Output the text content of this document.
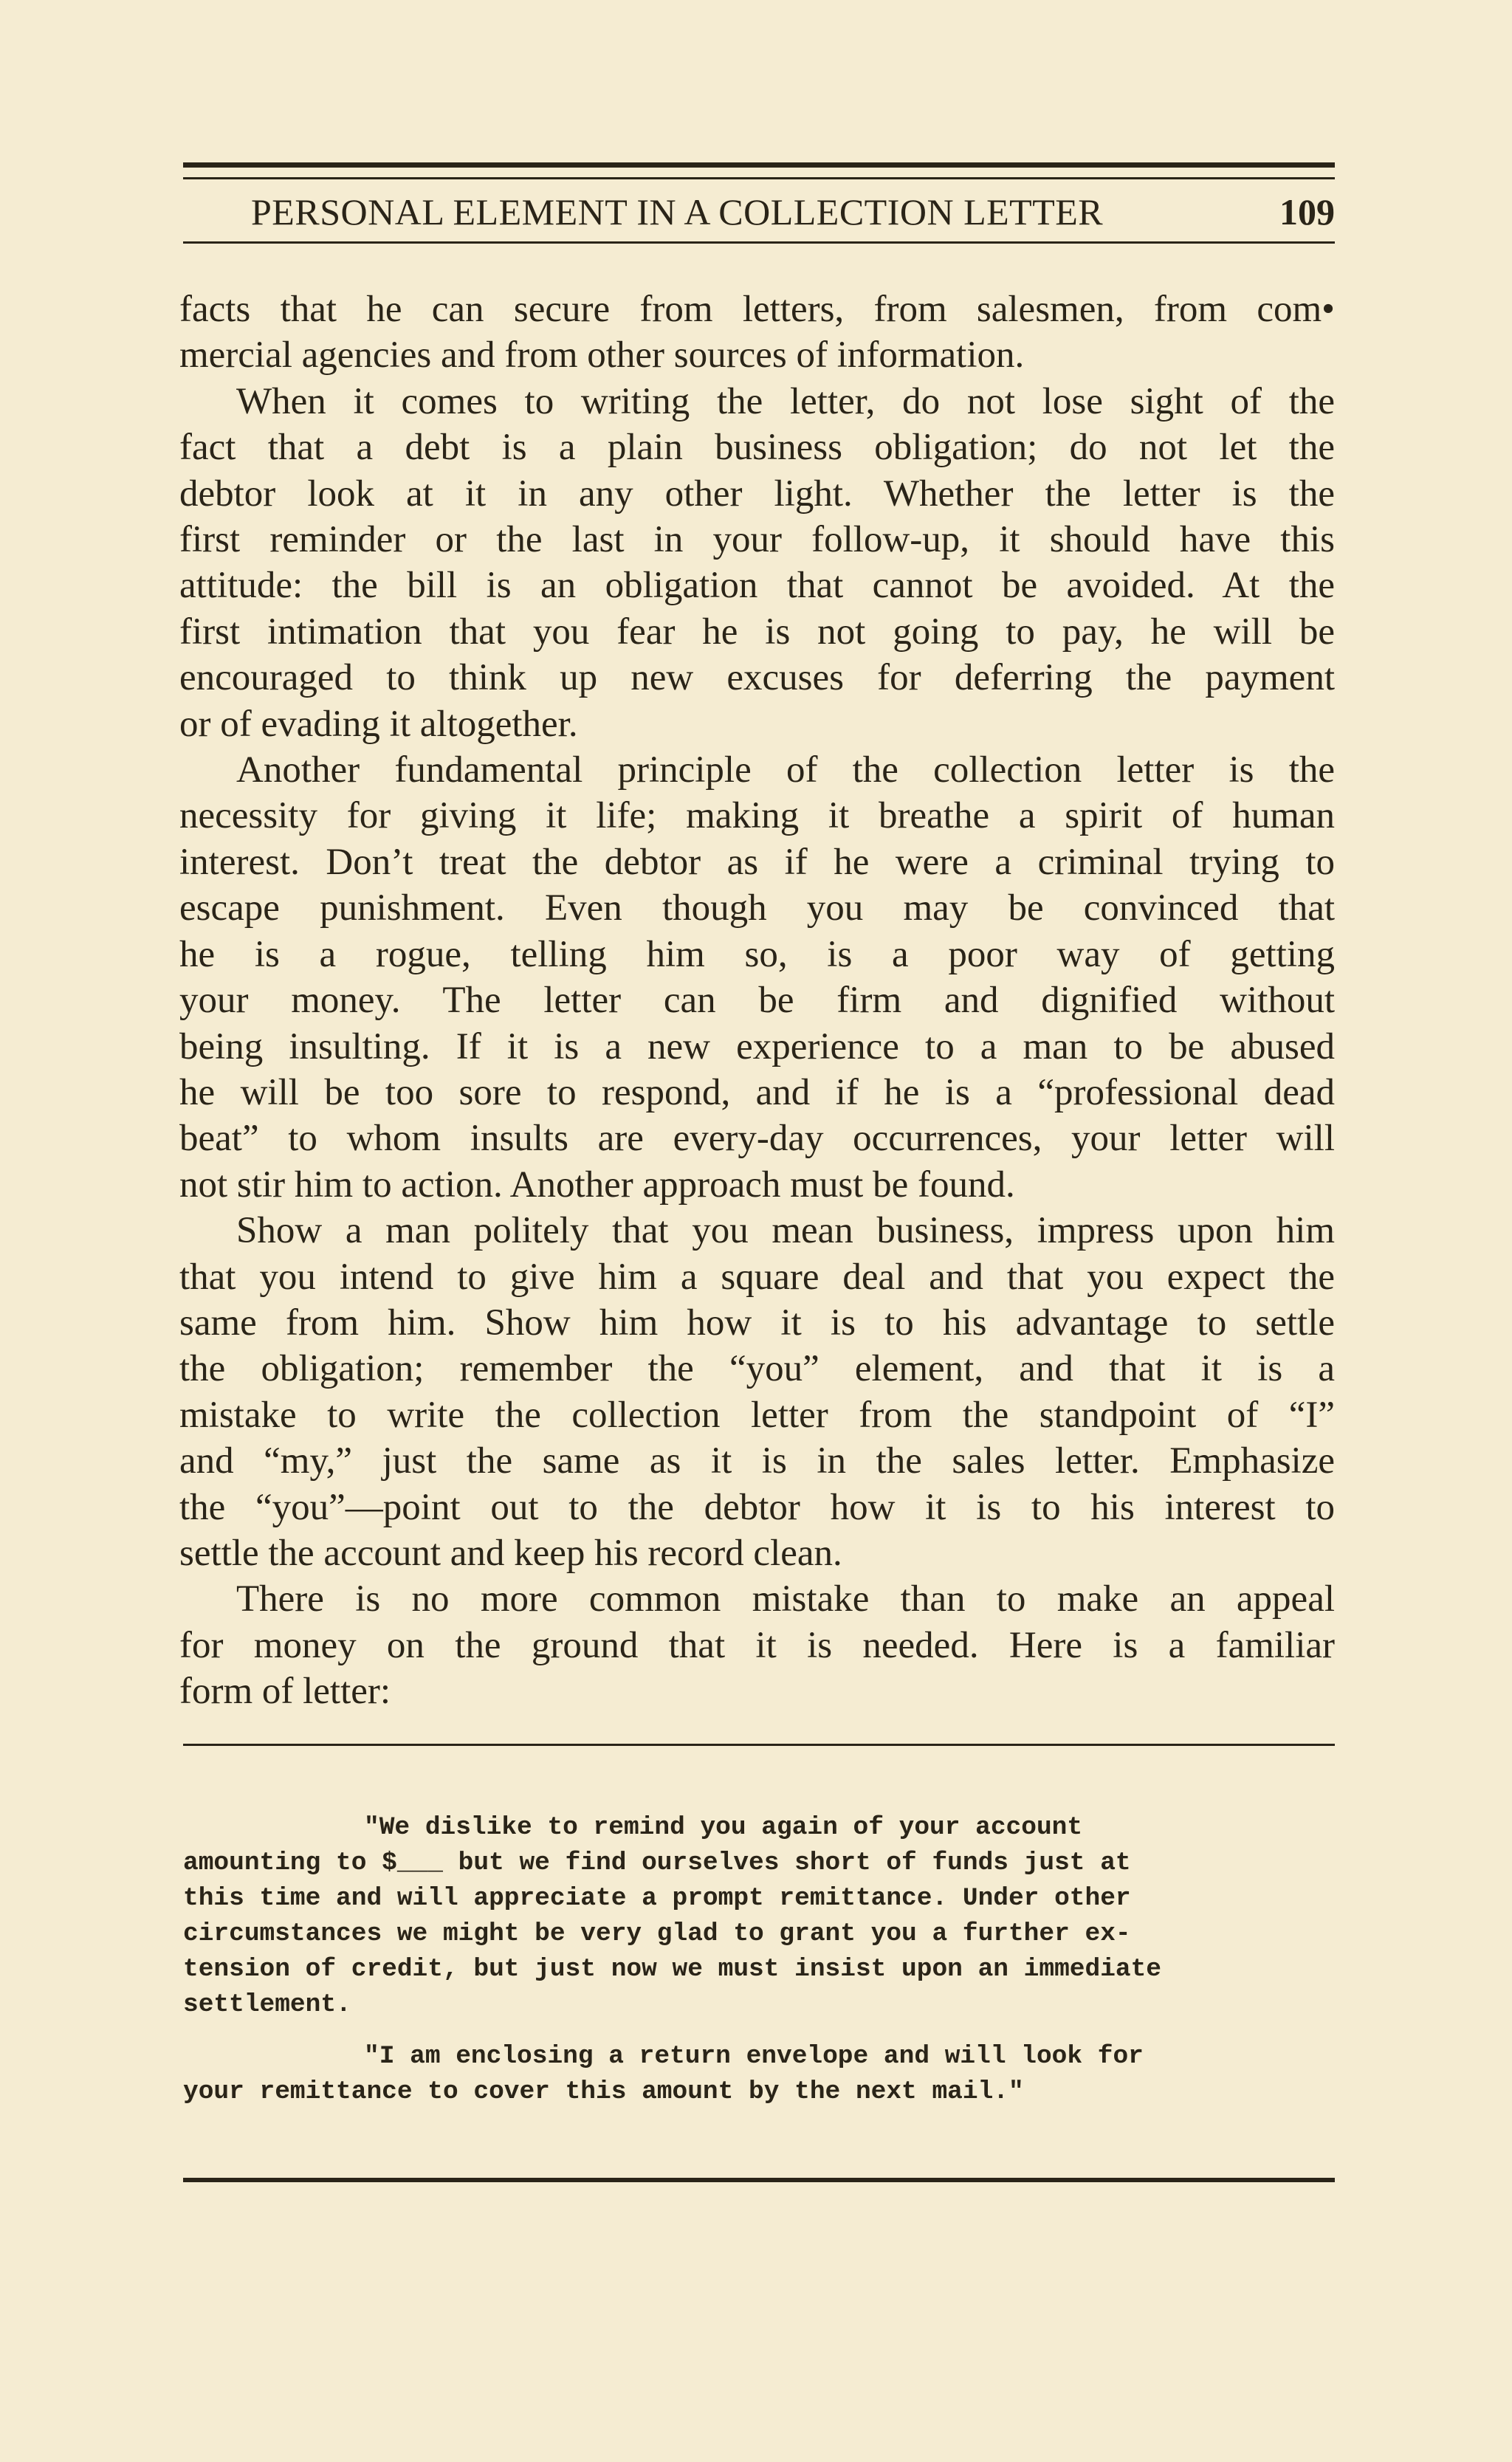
PERSONAL ELEMENT IN A COLLECTION LETTER	109

facts that he can secure from letters, from salesmen, from com•
mercial agencies and from other sources of information.

When it comes to writing the letter, do not lose sight of the
fact that a debt is a plain business obligation; do not let the
debtor look at it in any other light. Whether the letter is the
first reminder or the last in your follow-up, it should have this
attitude: the bill is an obligation that cannot be avoided. At the
first intimation that you fear he is not going to pay, he will be
encouraged to think up new excuses for deferring the payment
or of evading it altogether.

Another fundamental principle of the collection letter is the
necessity for giving it life; making it breathe a spirit of human
interest. Don’t treat the debtor as if he were a criminal trying to
escape punishment. Even though you may be convinced that
he is a rogue, telling him so, is a poor way of getting
your money. The letter can be firm and dignified without
being insulting. If it is a new experience to a man to be abused
he will be too sore to respond, and if he is a “professional dead
beat” to whom insults are every-day occurrences, your letter will
not stir him to action. Another approach must be found.

Show a man politely that you mean business, impress upon him
that you intend to give him a square deal and that you expect the
same from him. Show him how it is to his advantage to settle
the obligation; remember the “you” element, and that it is a
mistake to write the collection letter from the standpoint of “I”
and “my,” just the same as it is in the sales letter. Emphasize
the “you”—point out to the debtor how it is to his interest to
settle the account and keep his record clean.

There is no more common mistake than to make an appeal
for money on the ground that it is needed. Here is a familiar
form of letter:

"We dislike to remind you again of your account
amounting to $___ but we find ourselves short of funds just at
this time and will appreciate a prompt remittance. Under other
circumstances we might be very glad to grant you a further ex-
tension of credit, but just now we must insist upon an immediate
settlement.

"I am enclosing a return envelope and will look for
your remittance to cover this amount by the next mail."
